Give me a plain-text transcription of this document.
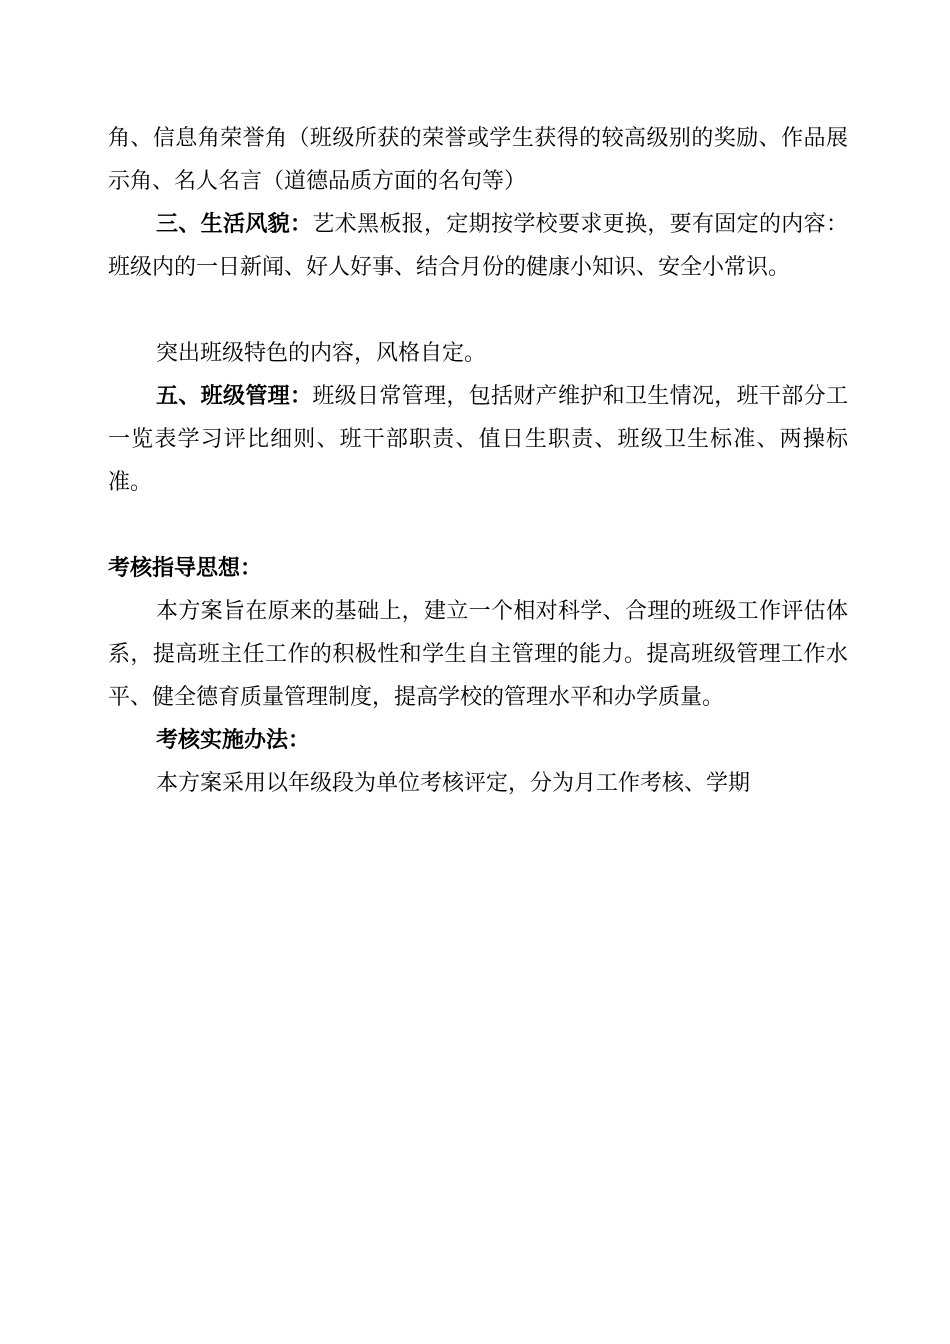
角、信息角荣誉角（班级所获的荣誉或学生获得的较高级别的奖励、作品展示角、名人名言（道德品质方面的名句等）

三、生活风貌：艺术黑板报，定期按学校要求更换，要有固定的内容：班级内的一日新闻、好人好事、结合月份的健康小知识、安全小常识。

突出班级特色的内容，风格自定。

五、班级管理：班级日常管理，包括财产维护和卫生情况，班干部分工一览表学习评比细则、班干部职责、值日生职责、班级卫生标准、两操标准。

考核指导思想：

本方案旨在原来的基础上，建立一个相对科学、合理的班级工作评估体系，提高班主任工作的积极性和学生自主管理的能力。提高班级管理工作水平、健全德育质量管理制度，提高学校的管理水平和办学质量。

考核实施办法：

本方案采用以年级段为单位考核评定，分为月工作考核、学期
